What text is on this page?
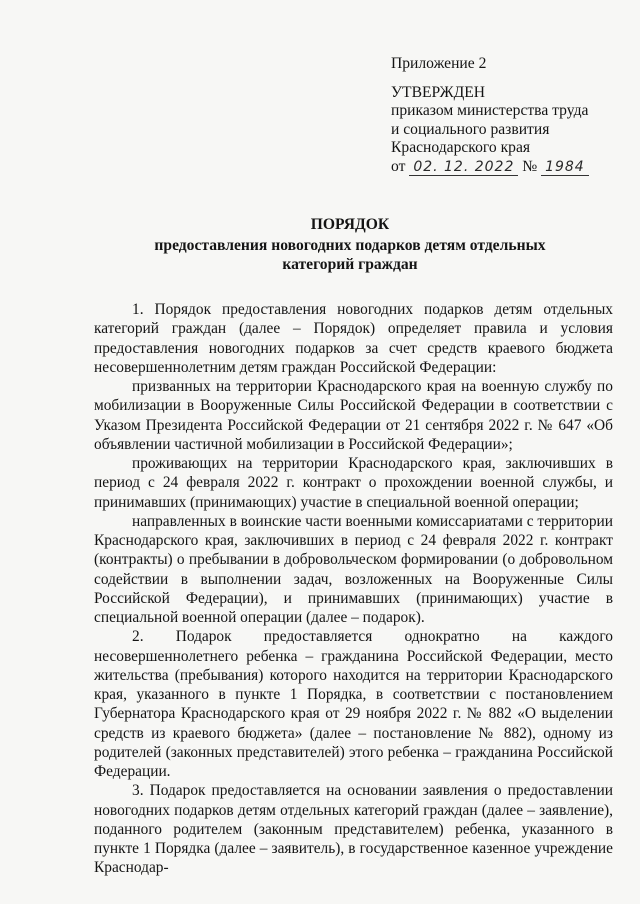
Приложение 2
УТВЕРЖДЕН
приказом министерства труда
и социального развития
Краснодарского края
от 02. 12. 2022 № 1984
ПОРЯДОК
предоставления новогодних подарков детям отдельных категорий граждан

1. Порядок предоставления новогодних подарков детям отдельных категорий граждан (далее – Порядок) определяет правила и условия предоставления новогодних подарков за счет средств краевого бюджета несовершеннолетним детям граждан Российской Федерации:

призванных на территории Краснодарского края на военную службу по мобилизации в Вооруженные Силы Российской Федерации в соответствии с Указом Президента Российской Федерации от 21 сентября 2022 г. № 647 «Об объявлении частичной мобилизации в Российской Федерации»;

проживающих на территории Краснодарского края, заключивших в период с 24 февраля 2022 г. контракт о прохождении военной службы, и принимавших (принимающих) участие в специальной военной операции;

направленных в воинские части военными комиссариатами с территории Краснодарского края, заключивших в период с 24 февраля 2022 г. контракт (контракты) о пребывании в добровольческом формировании (о добровольном содействии в выполнении задач, возложенных на Вооруженные Силы Российской Федерации), и принимавших (принимающих) участие в специальной военной операции (далее – подарок).

2. Подарок предоставляется однократно на каждого несовершеннолетнего ребенка – гражданина Российской Федерации, место жительства (пребывания) которого находится на территории Краснодарского края, указанного в пункте 1 Порядка, в соответствии с постановлением Губернатора Краснодарского края от 29 ноября 2022 г. № 882 «О выделении средств из краевого бюджета» (далее – постановление № 882), одному из родителей (законных представителей) этого ребенка – гражданина Российской Федерации.

3. Подарок предоставляется на основании заявления о предоставлении новогодних подарков детям отдельных категорий граждан (далее – заявление), поданного родителем (законным представителем) ребенка, указанного в пункте 1 Порядка (далее – заявитель), в государственное казенное учреждение Краснодар-
